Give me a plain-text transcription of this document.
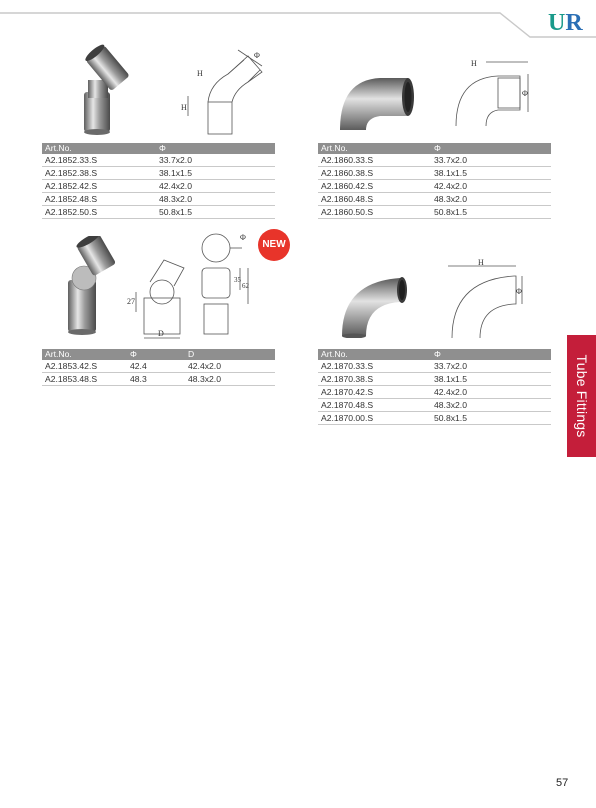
UR
H
H
Φ
H
Φ
Art.No.	Φ
A2.1852.33.S	33.7x2.0
A2.1852.38.S	38.1x1.5
A2.1852.42.S	42.4x2.0
A2.1852.48.S	48.3x2.0
A2.1852.50.S	50.8x1.5
Art.No.	Φ
A2.1860.33.S	33.7x2.0
A2.1860.38.S	38.1x1.5
A2.1860.42.S	42.4x2.0
A2.1860.48.S	48.3x2.0
A2.1860.50.S	50.8x1.5
27
D
Φ
35
62
NEW
H
Φ
Art.No.	Φ	D
A2.1853.42.S	42.4	42.4x2.0
A2.1853.48.S	48.3	48.3x2.0
Art.No.	Φ
A2.1870.33.S	33.7x2.0
A2.1870.38.S	38.1x1.5
A2.1870.42.S	42.4x2.0
A2.1870.48.S	48.3x2.0
A2.1870.00.S	50.8x1.5	Tube Fittings
57
